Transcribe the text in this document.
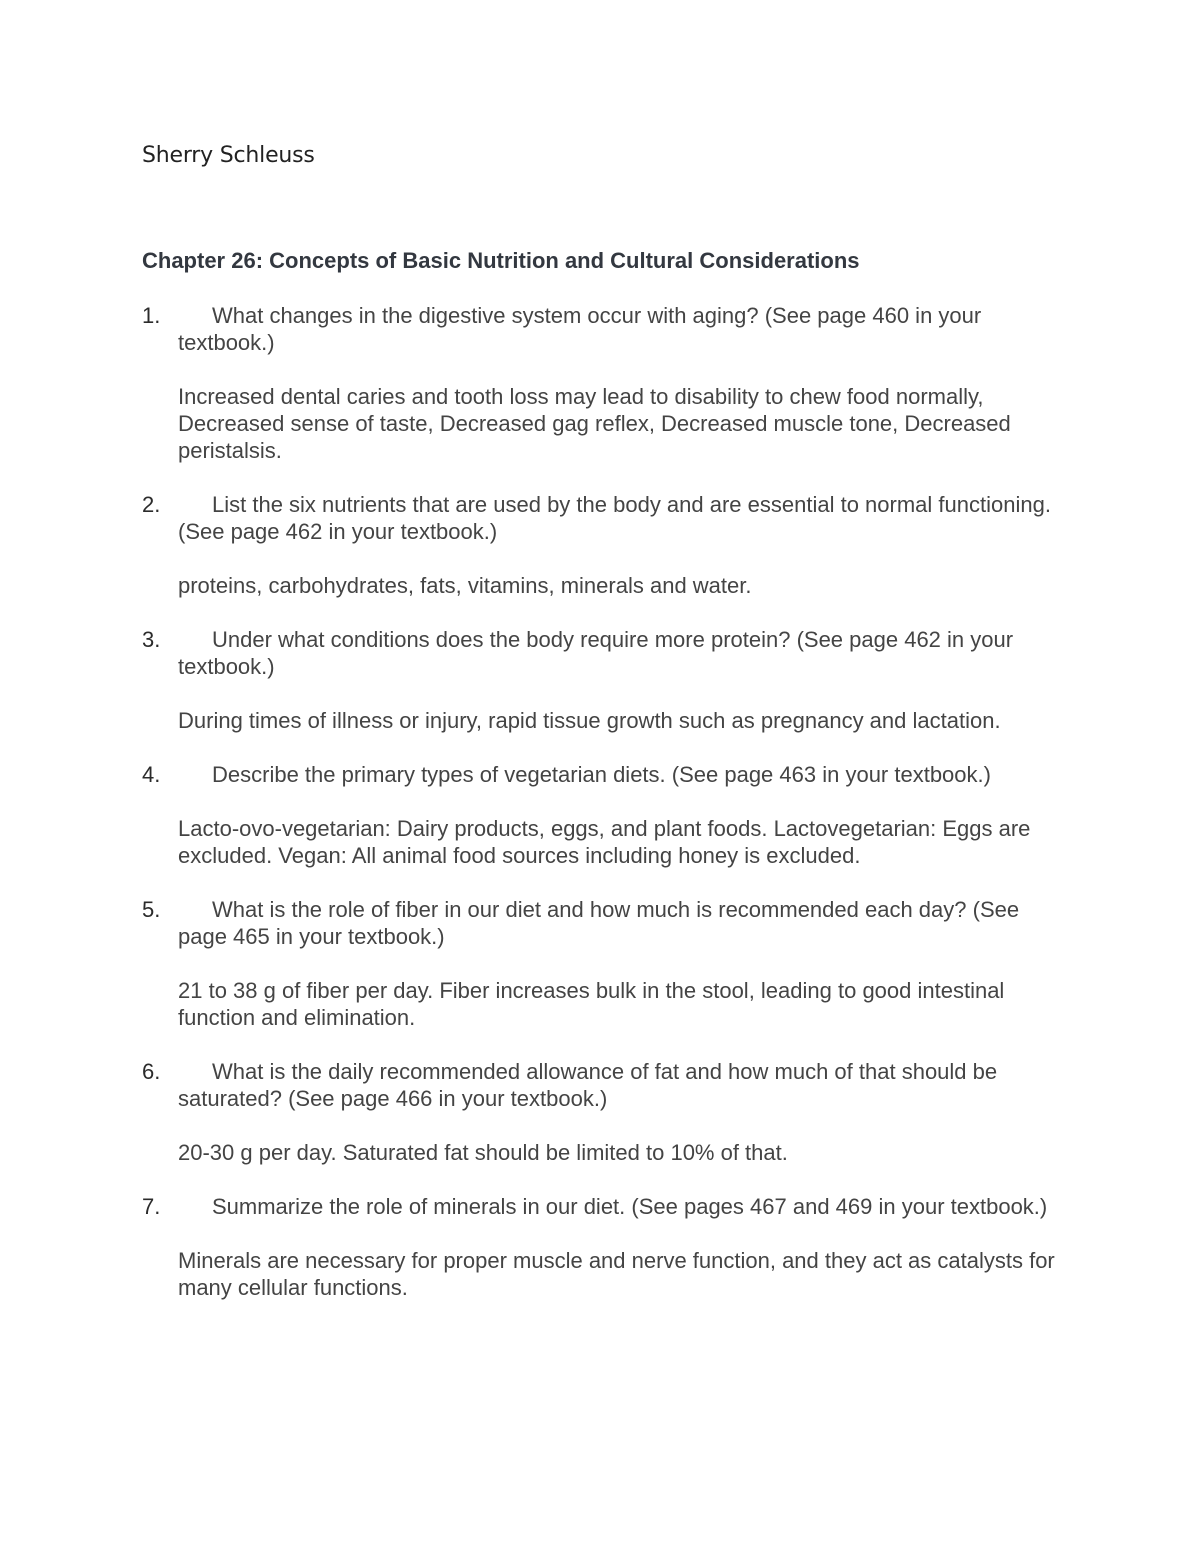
Sherry Schleuss
Chapter 26: Concepts of Basic Nutrition and Cultural Considerations
1.	What changes in the digestive system occur with aging? (See page 460 in your textbook.)
Increased dental caries and tooth loss may lead to disability to chew food normally, Decreased sense of taste, Decreased gag reflex, Decreased muscle tone, Decreased peristalsis.
2.	List the six nutrients that are used by the body and are essential to normal functioning. (See page 462 in your textbook.)
proteins, carbohydrates, fats, vitamins, minerals and water.
3.	Under what conditions does the body require more protein? (See page 462 in your textbook.)
During times of illness or injury, rapid tissue growth such as pregnancy and lactation.
4.	Describe the primary types of vegetarian diets. (See page 463 in your textbook.)
Lacto-ovo-vegetarian: Dairy products, eggs, and plant foods. Lactovegetarian: Eggs are excluded. Vegan: All animal food sources including honey is excluded.
5.	What is the role of fiber in our diet and how much is recommended each day? (See page 465 in your textbook.)
21 to 38 g of fiber per day. Fiber increases bulk in the stool, leading to good intestinal function and elimination.
6.	What is the daily recommended allowance of fat and how much of that should be saturated? (See page 466 in your textbook.)
20-30 g per day. Saturated fat should be limited to 10% of that.
7.	Summarize the role of minerals in our diet. (See pages 467 and 469 in your textbook.)
Minerals are necessary for proper muscle and nerve function, and they act as catalysts for many cellular functions.
